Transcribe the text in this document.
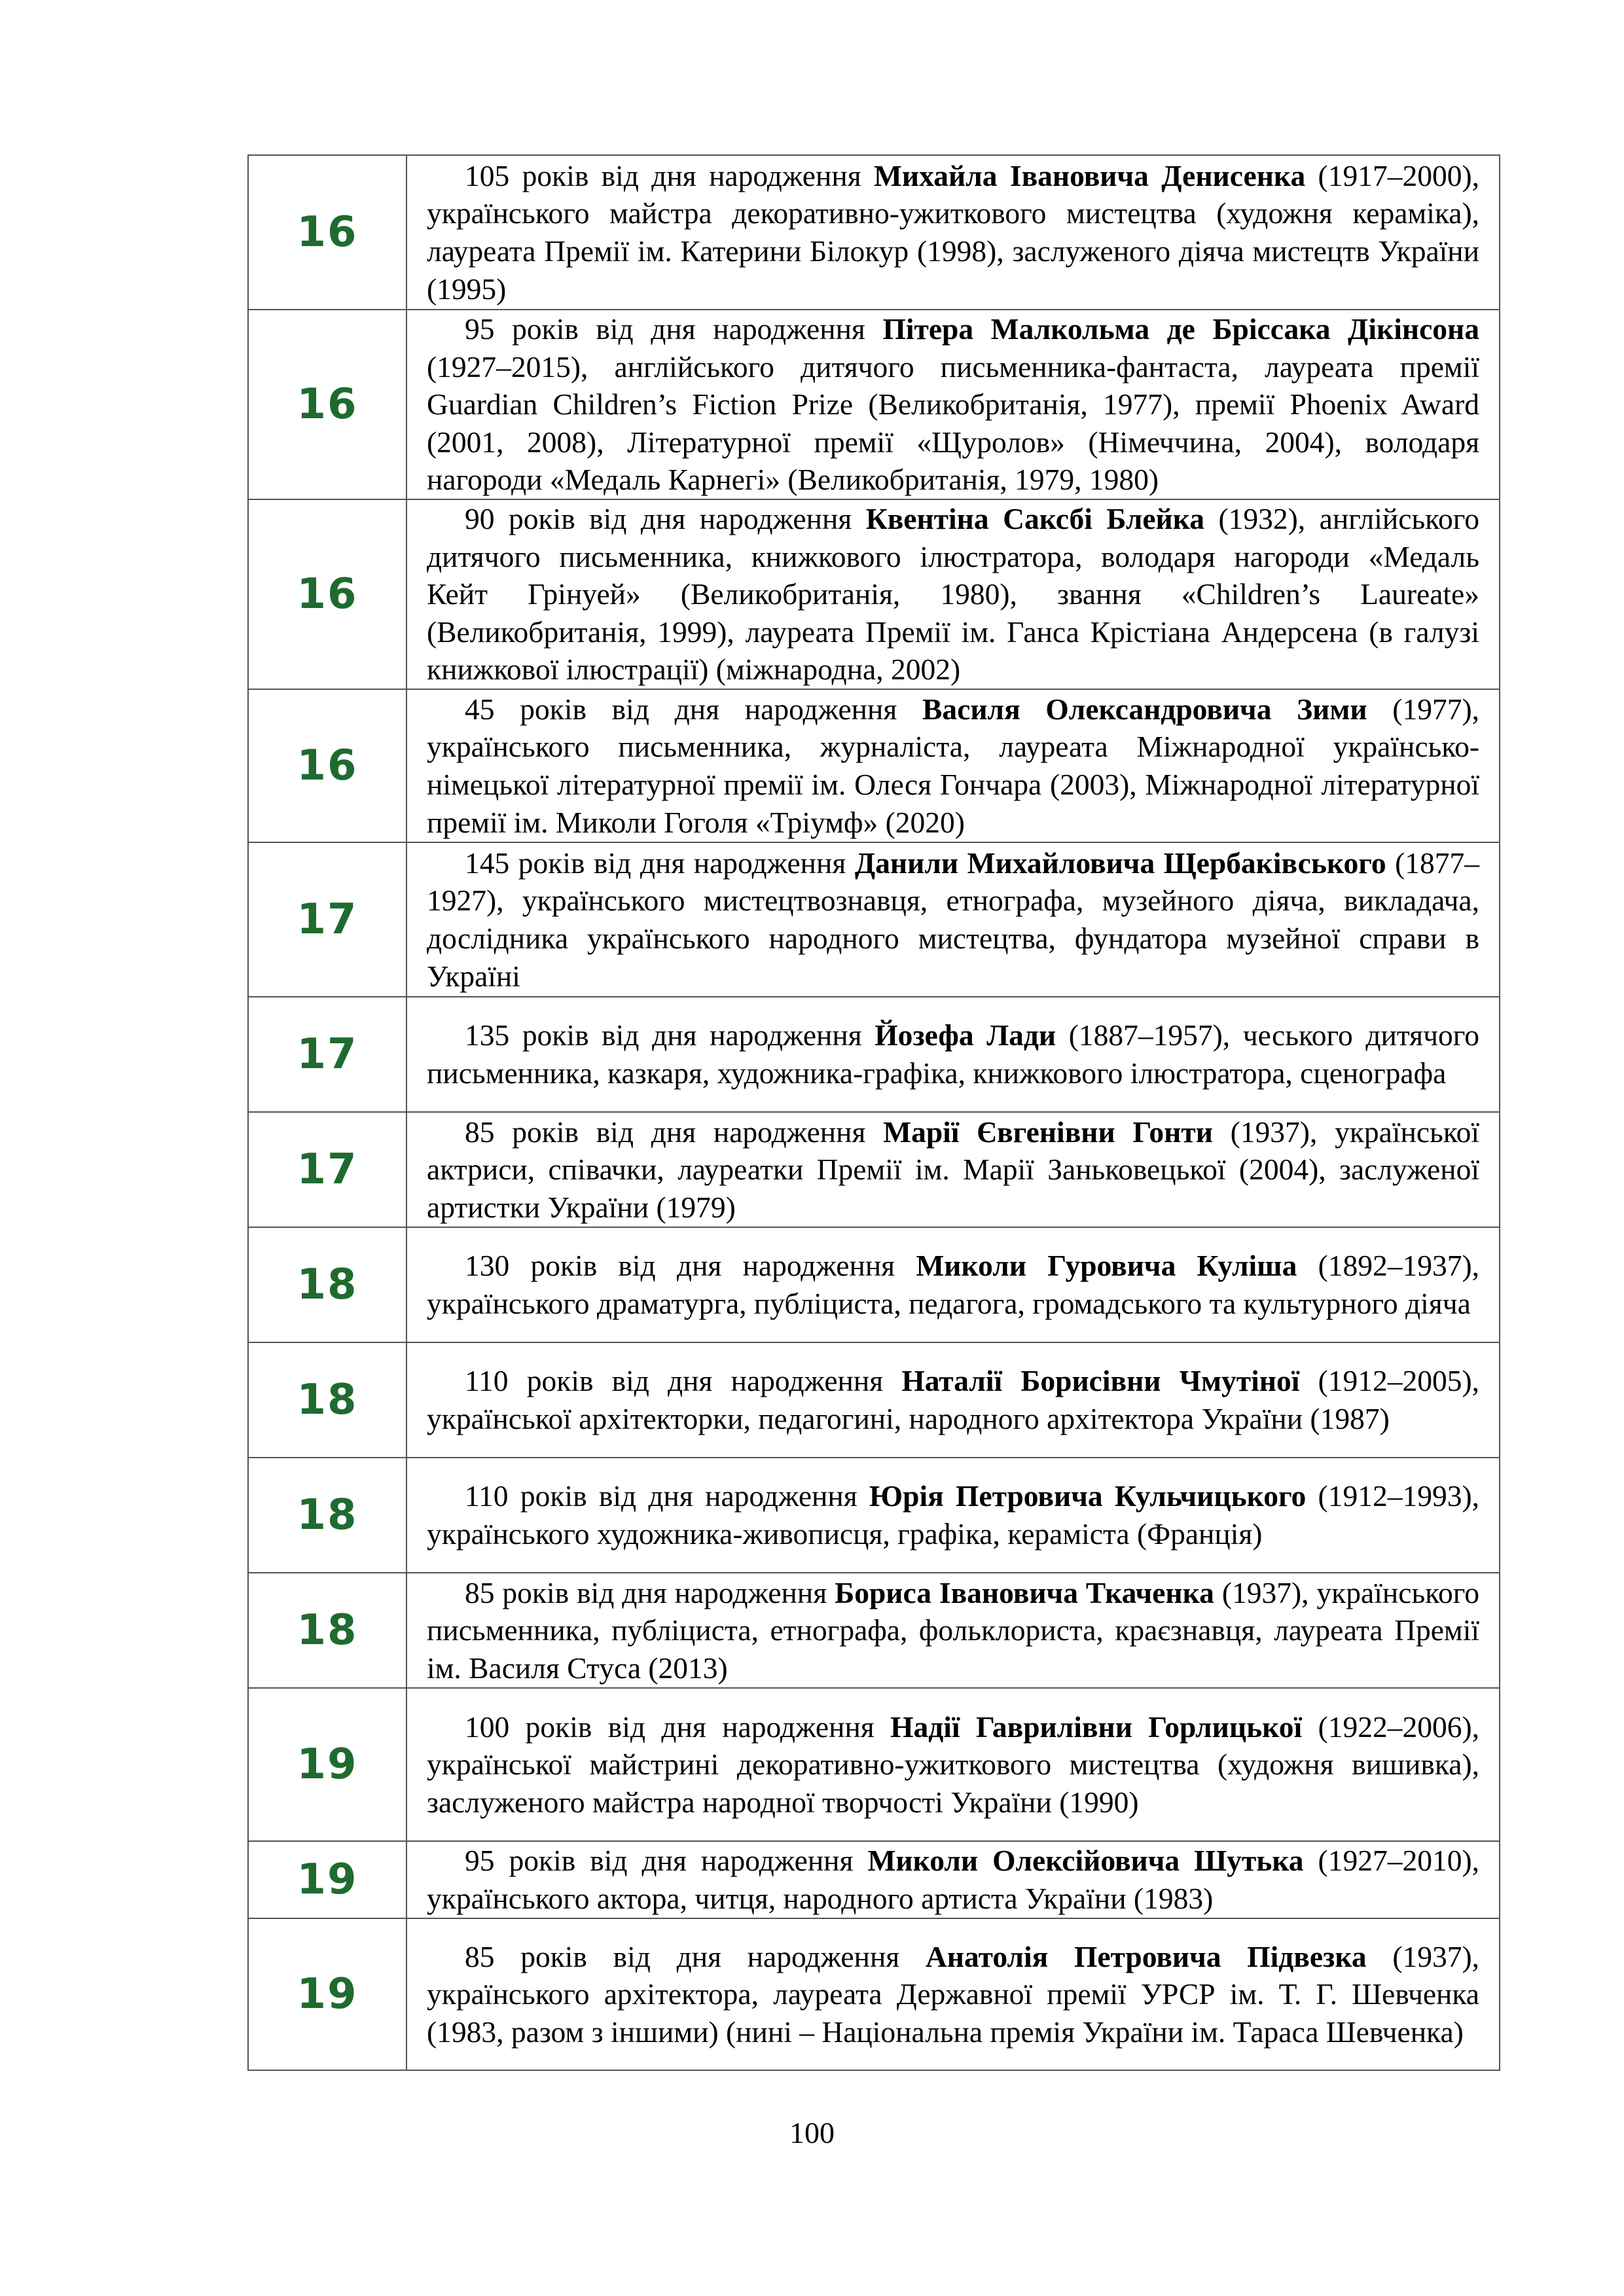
16	105 років від дня народження Михайла Івановича Денисенка (1917–2000), українського майстра декоративно-ужиткового мистецтва (художня кераміка), лауреата Премії ім. Катерини Білокур (1998), заслуженого діяча мистецтв України (1995)

16	95 років від дня народження Пітера Малкольма де Бріссака Дікінсона (1927–2015), англійського дитячого письменника-фантаста, лауреата премії Guardian Children’s Fiction Prize (Великобританія, 1977), премії Phoenix Award (2001, 2008), Літературної премії «Щуролов» (Німеччина, 2004), володаря нагороди «Медаль Карнегі» (Великобританія, 1979, 1980)

16	90 років від дня народження Квентіна Саксбі Блейка (1932), англійського дитячого письменника, книжкового ілюстратора, володаря нагороди «Медаль Кейт Грінуей» (Великобританія, 1980), звання «Children’s Laureate» (Великобританія, 1999), лауреата Премії ім. Ганса Крістіана Андерсена (в галузі книжкової ілюстрації) (міжнародна, 2002)

16	45 років від дня народження Василя Олександровича Зими (1977), українського письменника, журналіста, лауреата Міжнародної українсько-німецької літературної премії ім. Олеся Гончара (2003), Міжнародної літературної премії ім. Миколи Гоголя «Тріумф» (2020)

17	145 років від дня народження Данили Михайловича Щербаківського (1877–1927), українського мистецтвознавця, етнографа, музейного діяча, викладача, дослідника українського народного мистецтва, фундатора музейної справи в Україні

17	135 років від дня народження Йозефа Лади (1887–1957), чеського дитячого письменника, казкаря, художника-графіка, книжкового ілюстратора, сценографа

17	85 років від дня народження Марії Євгенівни Гонти (1937), української актриси, співачки, лауреатки Премії ім. Марії Заньковецької (2004), заслуженої артистки України (1979)

18	130 років від дня народження Миколи Гуровича Куліша (1892–1937), українського драматурга, публіциста, педагога, громадського та культурного діяча

18	110 років від дня народження Наталії Борисівни Чмутіної (1912–2005), української архітекторки, педагогині, народного архітектора України (1987)

18	110 років від дня народження Юрія Петровича Кульчицького (1912–1993), українського художника-живописця, графіка, кераміста (Франція)

18	85 років від дня народження Бориса Івановича Ткаченка (1937), українського письменника, публіциста, етнографа, фольклориста, краєзнавця, лауреата Премії ім. Василя Стуса (2013)

19	100 років від дня народження Надії Гаврилівни Горлицької (1922–2006), української майстрині декоративно-ужиткового мистецтва (художня вишивка), заслуженого майстра народної творчості України (1990)

19	95 років від дня народження Миколи Олексійовича Шутька (1927–2010), українського актора, читця, народного артиста України (1983)

19	85 років від дня народження Анатолія Петровича Підвезка (1937), українського архітектора, лауреата Державної премії УРСР ім. Т. Г. Шевченка (1983, разом з іншими) (нині – Національна премія України ім. Тараса Шевченка)

100
